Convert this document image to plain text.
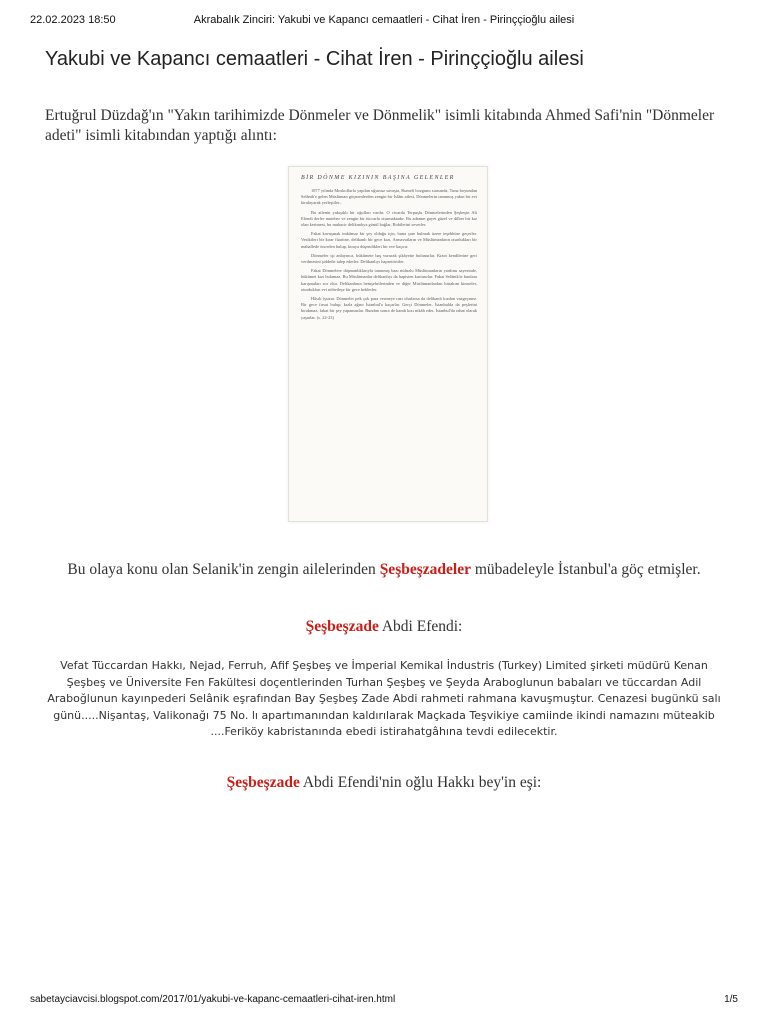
22.02.2023 18:50	Akrabalık Zinciri: Yakubi ve Kapancı cemaatleri - Cihat İren - Pirinççioğlu ailesi
Yakubi ve Kapancı cemaatleri - Cihat İren - Pirinççioğlu ailesi

Ertuğrul Düzdağ'ın "Yakın tarihimizde Dönmeler ve Dönmelik" isimli kitabında Ahmed Safi'nin "Dönmeler adeti" isimli kitabından yaptığı alıntı:

BİR DÖNME KIZININ BAŞINA GELENLER

1877 yılında Moskoflarla yapılan uğursuz savaşta, Rumeli bozgunu sırasında, Tuna boyundan Selânik'e gelen Müslüman göçmenlerden zengin bir İslâm ailesi, Dönmelerin tanınmış yakın bir evi kiralayarak yerleştiler...

Bu ailenin yakışıklı bir oğulları vardır. O civarda Terpuşlu Dönmelerinden Şeşbeşin Ali Efendi derler muteber ve zengin bir tüccarla oturmaktadır. Bu adamın gayet güzel ve dilber bir kız olan kerimesi, bu mubacir delikanlıya gönül bağlar, Bobilerini severler.

Fakat kavuşmak imkânsız bir şey olduğu için, buna çare bulmak üzere teşebbüse geçerler. Vesikileri bir kırar fûariine, delikanlı bir gece kızı, Armavutların ve Müslümanların oturdukları bir mahallede önceden bulup, kiraya düşendikleri bir eve kaçırır.

Dönmeler işi anlayınca, hükûmete baş vururak şikâyette bulunurlar. Kızın kendilerine geri verilmesini şiddetle talep ederler. Delikanlıyı hapsettirirler.

Fakat Dönmelere düşmanlıklarıyla tanınmış bazı nüfuzlu Müslümanların yardımı sayesinde, hükûmet kızı bulamaz. Bu Müslümanlar delikanlıyı da hapisten kurtarırlar. Fakat Selânik'te bunlara karışmaları zor olur. Delikanlının hemşehrilerinden ve diğer Müslümanlardan birtakım kimseler, oturdukları evi nöbetleşe bir gece beklerler.

Hâsılı işsizar. Dönmeler pek çok para vermeye razı olurlarsa da delikanlı kızdan vazgeçmez. Bir gece fırsat bulup, kızla ağrın İstanbul'a kaçarlar. Gerçi Dönmeler, İstanbulda da peşlerini bırakmaz, fakat bir şey yapamazlar. Bundan sonra de kandı kızı nikâh eder. İstanbul'da rahat olarak yaşarlar. (s. 22-23)

Bu olaya konu olan Selanik'in zengin ailelerinden Şeşbeşzadeler mübadeleyle İstanbul'a göç etmişler.

Şeşbeşzade Abdi Efendi:

Vefat Tüccardan Hakkı, Nejad, Ferruh, Afif Şeşbeş ve İmperial Kemikal İndustris (Turkey) Limited şirketi müdürü Kenan Şeşbeş ve Üniversite Fen Fakültesi doçentlerinden Turhan Şeşbeş ve Şeyda Araboglunun babaları ve tüccardan Adil Araboğlunun kayınpederi Selânik eşrafından Bay Şeşbeş Zade Abdi rahmeti rahmana kavuşmuştur. Cenazesi bugünkü salı günü.....Nişantaş, Valikonağı 75 No. lı apartımanından kaldırılarak Maçkada Teşvikiye camiinde ikindi namazını müteakib ....Feriköy kabristanında ebedi istirahatgâhına tevdi edilecektir.

Şeşbeşzade Abdi Efendi'nin oğlu Hakkı bey'in eşi:

sabetayciavcisi.blogspot.com/2017/01/yakubi-ve-kapanc-cemaatleri-cihat-iren.html	1/5
